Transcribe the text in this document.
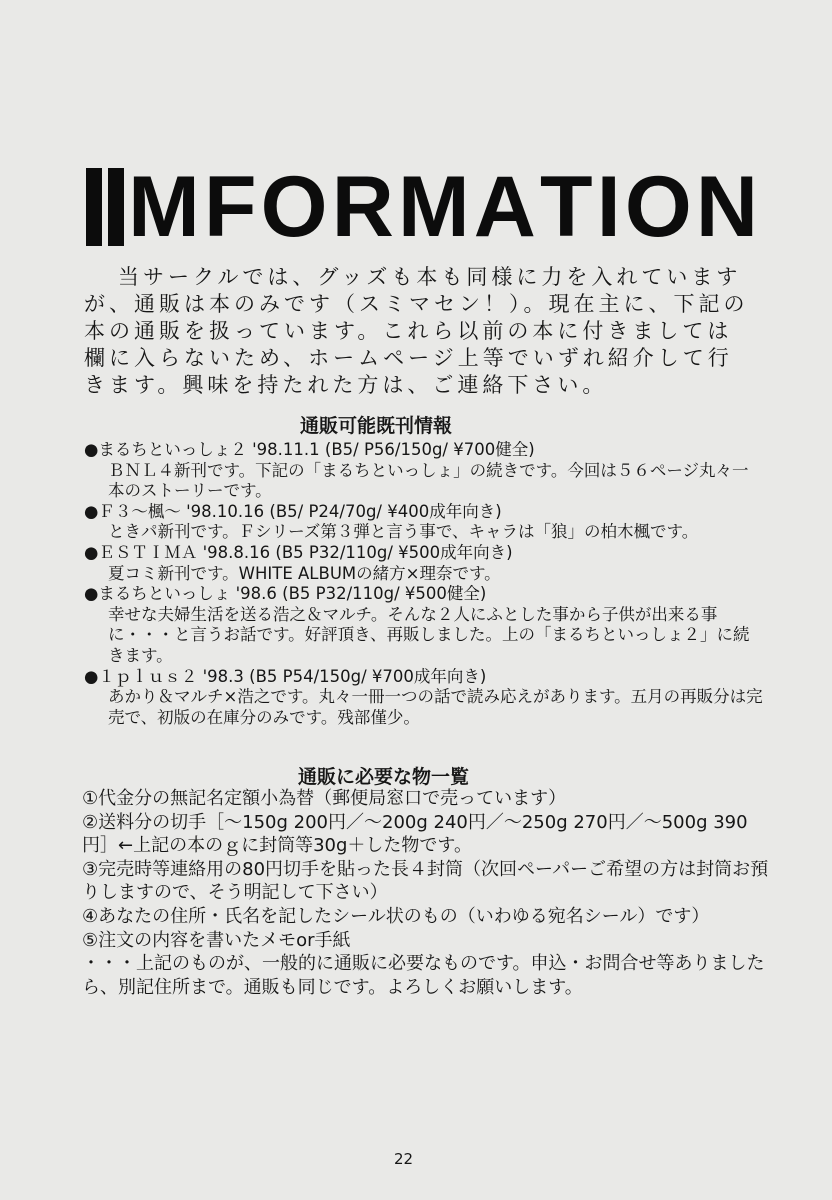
M F O R M A T I O N

当サークルでは、グッズも本も同様に力を入れていますが、通販は本のみです（スミマセン！）。現在主に、下記の本の通販を扱っています。これら以前の本に付きましては欄に入らないため、ホームページ上等でいずれ紹介して行きます。興味を持たれた方は、ご連絡下さい。

通販可能既刊情報
●まるちといっしょ２ '98.11.1 (B5/ P56/150g/ ¥700健全)
ＢＮＬ４新刊です。下記の「まるちといっしょ」の続きです。今回は５６ページ丸々一本のストーリーです。
●Ｆ３～楓～ '98.10.16 (B5/ P24/70g/ ¥400成年向き)
ときパ新刊です。Ｆシリーズ第３弾と言う事で、キャラは「狼」の柏木楓です。
●ＥＳＴＩＭＡ '98.8.16 (B5 P32/110g/ ¥500成年向き)
夏コミ新刊です。WHITE ALBUMの緒方×理奈です。
●まるちといっしょ '98.6 (B5 P32/110g/ ¥500健全)
幸せな夫婦生活を送る浩之＆マルチ。そんな２人にふとした事から子供が出来る事に・・・と言うお話です。好評頂き、再販しました。上の「まるちといっしょ２」に続きます。
●１ｐｌｕｓ２ '98.3 (B5 P54/150g/ ¥700成年向き)
あかり＆マルチ×浩之です。丸々一冊一つの話で読み応えがあります。五月の再販分は完売で、初版の在庫分のみです。残部僅少。
通販に必要な物一覧
①代金分の無記名定額小為替（郵便局窓口で売っています）
②送料分の切手［～150g 200円／～200g 240円／～250g 270円／～500g 390円］←上記の本のｇに封筒等30g＋した物です。
③完売時等連絡用の80円切手を貼った長４封筒（次回ペーパーご希望の方は封筒お預りしますので、そう明記して下さい）
④あなたの住所・氏名を記したシール状のもの（いわゆる宛名シール）です）
⑤注文の内容を書いたメモor手紙
・・・上記のものが、一般的に通販に必要なものです。申込・お問合せ等ありましたら、別記住所まで。通販も同じです。よろしくお願いします。
22
